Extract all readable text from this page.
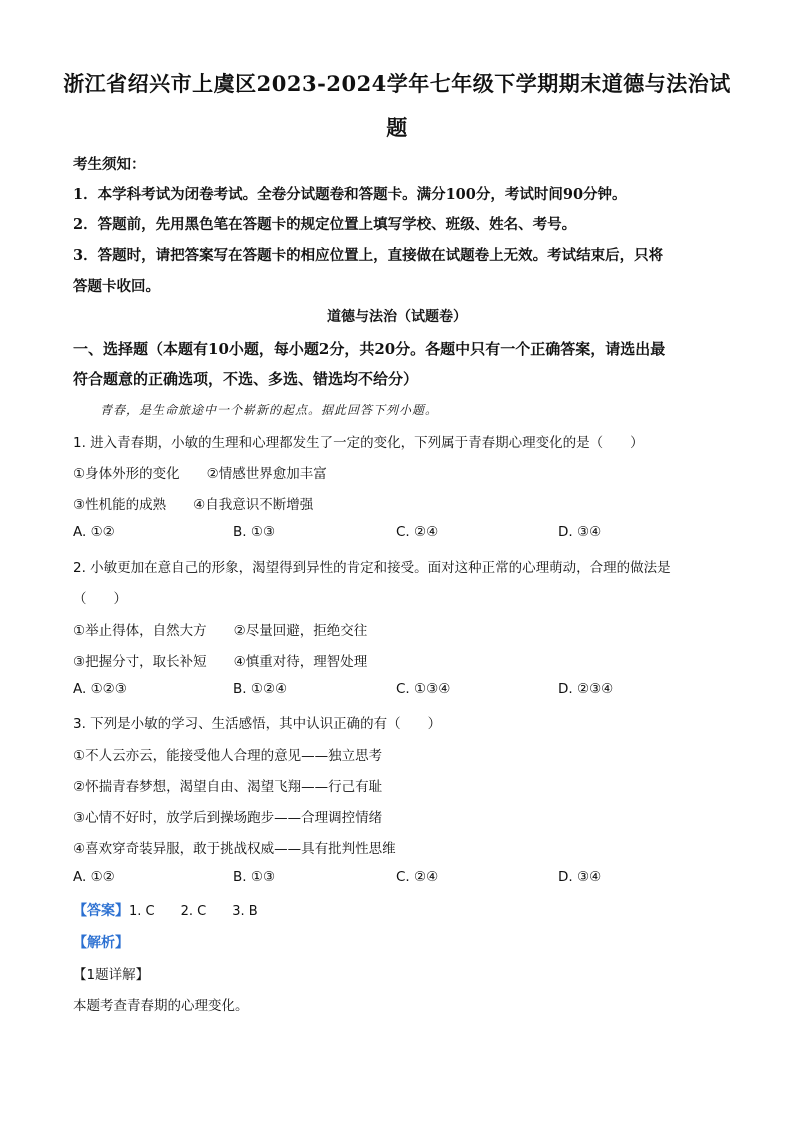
浙江省绍兴市上虞区2023-2024学年七年级下学期期末道德与法治试
题
考生须知：
1．本学科考试为闭卷考试。全卷分试题卷和答题卡。满分100分，考试时间90分钟。
2．答题前，先用黑色笔在答题卡的规定位置上填写学校、班级、姓名、考号。
3．答题时，请把答案写在答题卡的相应位置上，直接做在试题卷上无效。考试结束后，只将
答题卡收回。
道德与法治（试题卷）
一、选择题（本题有10小题，每小题2分，共20分。各题中只有一个正确答案，请选出最
符合题意的正确选项，不选、多选、错选均不给分）
青春，是生命旅途中一个崭新的起点。据此回答下列小题。
1. 进入青春期，小敏的生理和心理都发生了一定的变化，下列属于青春期心理变化的是（　　）
①身体外形的变化　　②情感世界愈加丰富
③性机能的成熟　　④自我意识不断增强
A. ①②	B. ①③	C. ②④	D. ③④
2. 小敏更加在意自己的形象，渴望得到异性的肯定和接受。面对这种正常的心理萌动，合理的做法是
（　　）
①举止得体，自然大方　　②尽量回避，拒绝交往
③把握分寸，取长补短　　④慎重对待，理智处理
A. ①②③	B. ①②④	C. ①③④	D. ②③④
3. 下列是小敏的学习、生活感悟，其中认识正确的有（　　）
①不人云亦云，能接受他人合理的意见——独立思考
②怀揣青春梦想，渴望自由、渴望飞翔——行己有耻
③心情不好时，放学后到操场跑步——合理调控情绪
④喜欢穿奇装异服，敢于挑战权威——具有批判性思维
A. ①②	B. ①③	C. ②④	D. ③④
【答案】1. C　　2. C　　3. B
【解析】
【1题详解】
本题考查青春期的心理变化。
